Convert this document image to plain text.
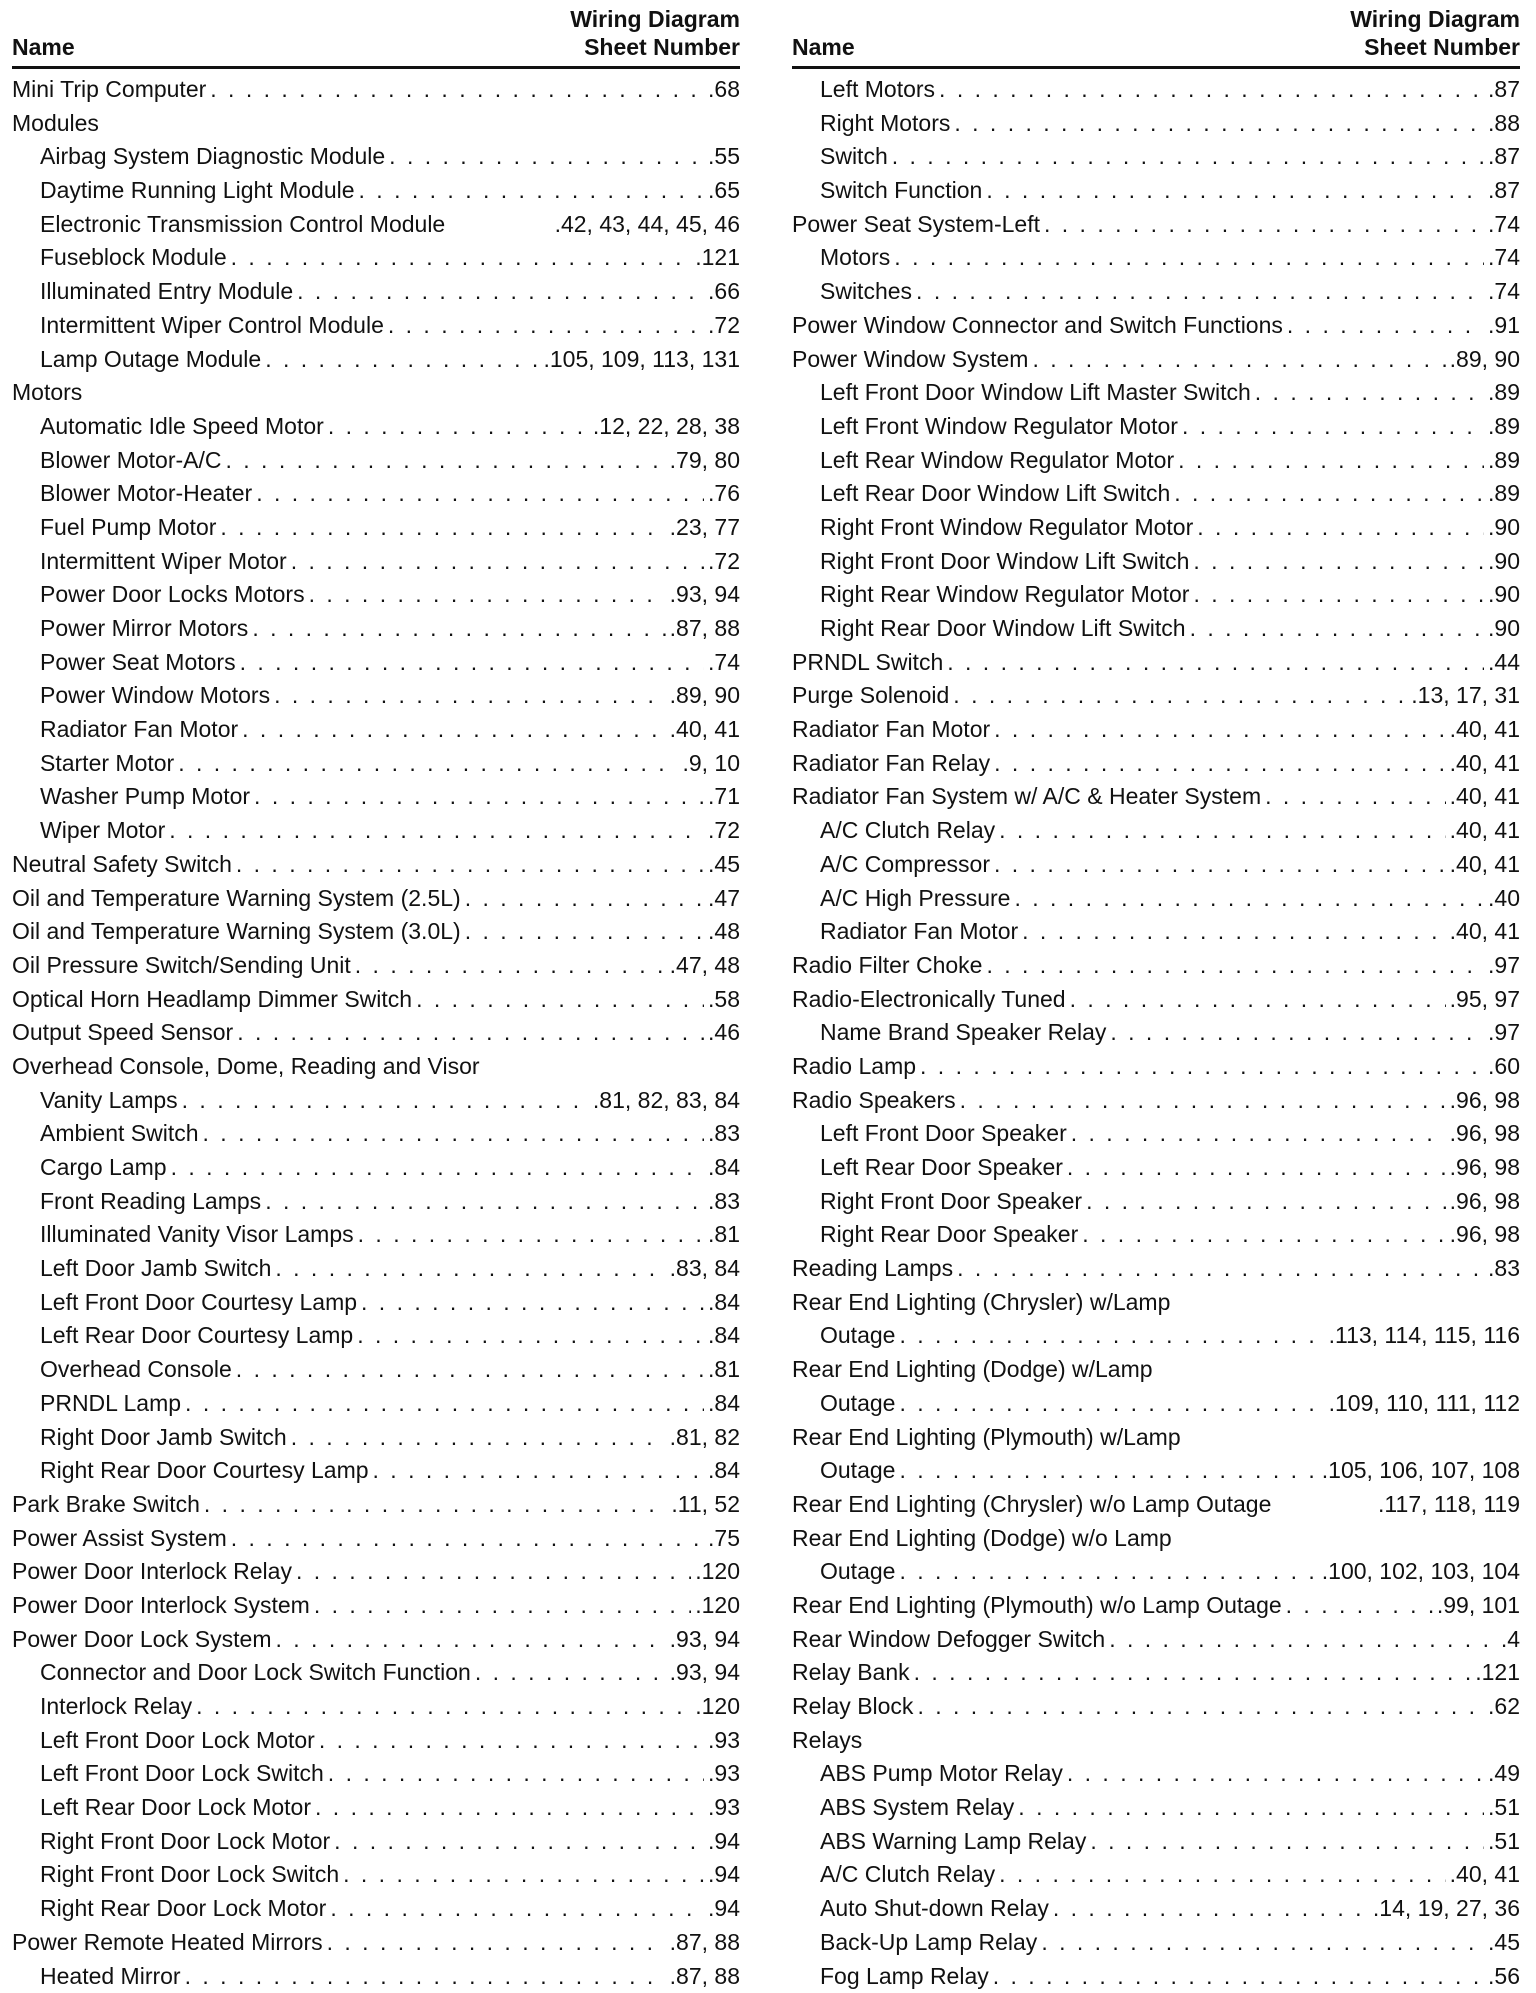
Wiring Diagram
Name	Sheet Number
Mini Trip Computer . . .	.68
Modules
Airbag System Diagnostic Module . . .	.55
Daytime Running Light Module . . .	.65
Electronic Transmission Control Module	.42, 43, 44, 45, 46
Fuseblock Module . . .	.121
Illuminated Entry Module . . .	.66
Intermittent Wiper Control Module . . .	.72
Lamp Outage Module . . .	.105, 109, 113, 131
Motors
Automatic Idle Speed Motor . . .	.12, 22, 28, 38
Blower Motor-A/C . . .	.79, 80
Blower Motor-Heater . . .	.76
Fuel Pump Motor . . .	.23, 77
Intermittent Wiper Motor . . .	.72
Power Door Locks Motors . . .	.93, 94
Power Mirror Motors . . .	.87, 88
Power Seat Motors . . .	.74
Power Window Motors . . .	.89, 90
Radiator Fan Motor . . .	.40, 41
Starter Motor . . .	.9, 10
Washer Pump Motor . . .	.71
Wiper Motor . . .	.72
Neutral Safety Switch . . .	.45
Oil and Temperature Warning System (2.5L) . . .	.47
Oil and Temperature Warning System (3.0L) . . .	.48
Oil Pressure Switch/Sending Unit . . .	.47, 48
Optical Horn Headlamp Dimmer Switch . . .	.58
Output Speed Sensor . . .	.46
Overhead Console, Dome, Reading and Visor
Vanity Lamps . . .	.81, 82, 83, 84
Ambient Switch . . .	.83
Cargo Lamp . . .	.84
Front Reading Lamps . . .	.83
Illuminated Vanity Visor Lamps . . .	.81
Left Door Jamb Switch . . .	.83, 84
Left Front Door Courtesy Lamp . . .	.84
Left Rear Door Courtesy Lamp . . .	.84
Overhead Console . . .	.81
PRNDL Lamp . . .	.84
Right Door Jamb Switch . . .	.81, 82
Right Rear Door Courtesy Lamp . . .	.84
Park Brake Switch . . .	.11, 52
Power Assist System . . .	.75
Power Door Interlock Relay . . .	.120
Power Door Interlock System . . .	.120
Power Door Lock System . . .	.93, 94
Connector and Door Lock Switch Function . . .	.93, 94
Interlock Relay . . .	.120
Left Front Door Lock Motor . . .	.93
Left Front Door Lock Switch . . .	.93
Left Rear Door Lock Motor . . .	.93
Right Front Door Lock Motor . . .	.94
Right Front Door Lock Switch . . .	.94
Right Rear Door Lock Motor . . .	.94
Power Remote Heated Mirrors . . .	.87, 88
Heated Mirror . . .	.87, 88
Wiring Diagram
Name	Sheet Number
Left Motors . . .	.87
Right Motors . . .	.88
Switch . . .	.87
Switch Function . . .	.87
Power Seat System-Left . . .	.74
Motors . . .	.74
Switches . . .	.74
Power Window Connector and Switch Functions . . .	.91
Power Window System . . .	.89, 90
Left Front Door Window Lift Master Switch . . .	.89
Left Front Window Regulator Motor . . .	.89
Left Rear Window Regulator Motor . . .	.89
Left Rear Door Window Lift Switch . . .	.89
Right Front Window Regulator Motor . . .	.90
Right Front Door Window Lift Switch . . .	.90
Right Rear Window Regulator Motor . . .	.90
Right Rear Door Window Lift Switch . . .	.90
PRNDL Switch . . .	.44
Purge Solenoid . . .	.13, 17, 31
Radiator Fan Motor . . .	.40, 41
Radiator Fan Relay . . .	.40, 41
Radiator Fan System w/ A/C & Heater System . . .	.40, 41
A/C Clutch Relay . . .	.40, 41
A/C Compressor . . .	.40, 41
A/C High Pressure . . .	.40
Radiator Fan Motor . . .	.40, 41
Radio Filter Choke . . .	.97
Radio-Electronically Tuned . . .	.95, 97
Name Brand Speaker Relay . . .	.97
Radio Lamp . . .	.60
Radio Speakers . . .	.96, 98
Left Front Door Speaker . . .	.96, 98
Left Rear Door Speaker . . .	.96, 98
Right Front Door Speaker . . .	.96, 98
Right Rear Door Speaker . . .	.96, 98
Reading Lamps . . .	.83
Rear End Lighting (Chrysler) w/Lamp
Outage . . .	.113, 114, 115, 116
Rear End Lighting (Dodge) w/Lamp
Outage . . .	.109, 110, 111, 112
Rear End Lighting (Plymouth) w/Lamp
Outage . . .	.105, 106, 107, 108
Rear End Lighting (Chrysler) w/o Lamp Outage	.117, 118, 119
Rear End Lighting (Dodge) w/o Lamp
Outage . . .	.100, 102, 103, 104
Rear End Lighting (Plymouth) w/o Lamp Outage . . .	.99, 101
Rear Window Defogger Switch . . .	.4
Relay Bank . . .	.121
Relay Block . . .	.62
Relays
ABS Pump Motor Relay . . .	.49
ABS System Relay . . .	.51
ABS Warning Lamp Relay . . .	.51
A/C Clutch Relay . . .	.40, 41
Auto Shut-down Relay . . .	.14, 19, 27, 36
Back-Up Lamp Relay . . .	.45
Fog Lamp Relay . . .	.56
